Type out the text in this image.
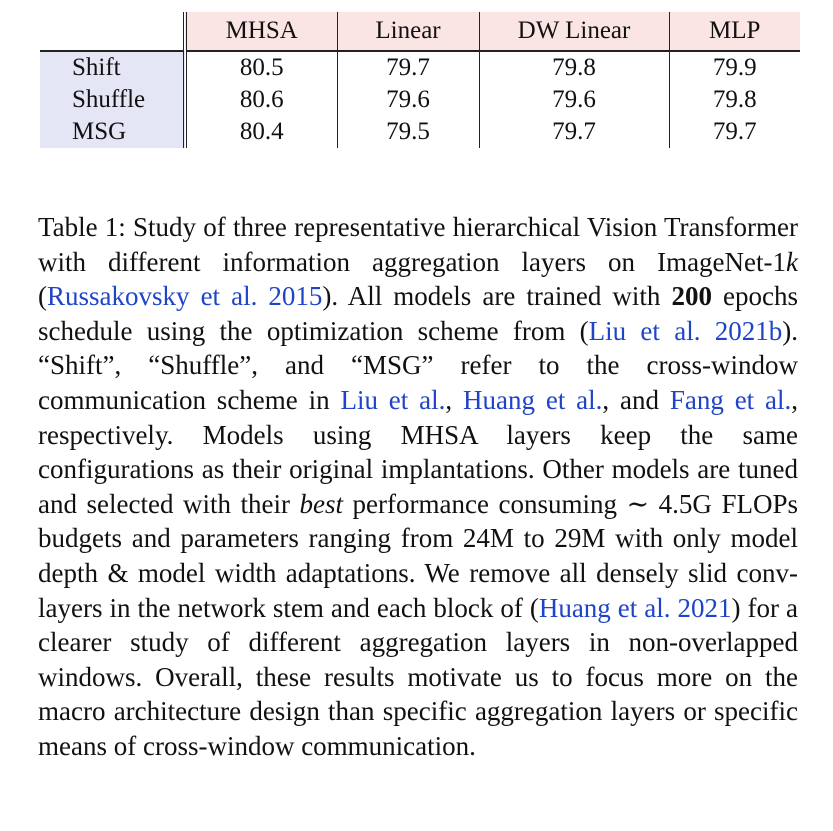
	MHSA	Linear	DW Linear	MLP
Shift	80.5	79.7	79.8	79.9
Shuffle	80.6	79.6	79.6	79.8
MSG	80.4	79.5	79.7	79.7

Table 1: Study of three representative hierarchical Vision Transformer with different information aggregation layers on ImageNet-1k (Russakovsky et al. 2015). All models are trained with 200 epochs schedule using the optimization scheme from (Liu et al. 2021b). “Shift”, “Shuffle”, and “MSG” refer to the cross-window communication scheme in Liu et al., Huang et al., and Fang et al., respectively. Models using MHSA layers keep the same configurations as their original implantations. Other models are tuned and selected with their best performance consuming ∼ 4.5G FLOPs budgets and parameters ranging from 24M to 29M with only model depth & model width adaptations. We remove all densely slid conv-layers in the network stem and each block of (Huang et al. 2021) for a clearer study of different aggregation layers in non-overlapped windows. Overall, these results motivate us to focus more on the macro architecture design than specific aggregation layers or specific means of cross-window communication.
